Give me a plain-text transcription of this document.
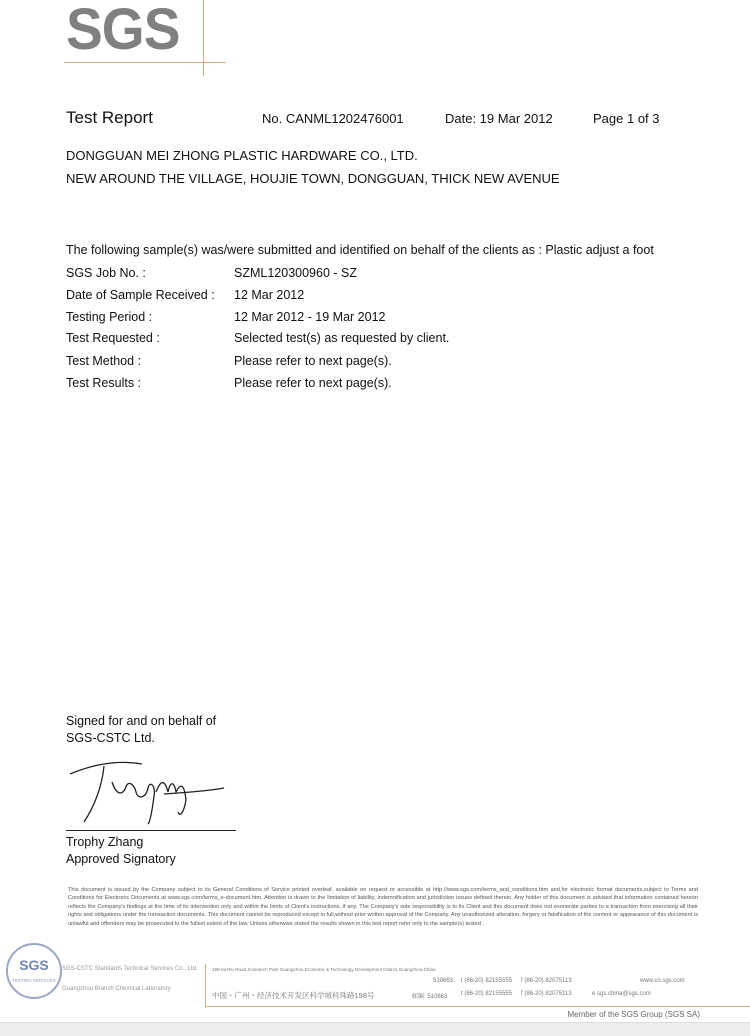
SGS
Test Report	No. CANML1202476001	Date: 19 Mar 2012	Page 1 of 3
DONGGUAN MEI ZHONG PLASTIC HARDWARE CO., LTD.
NEW AROUND THE VILLAGE, HOUJIE TOWN, DONGGUAN, THICK NEW AVENUE
The following sample(s) was/were submitted and identified on behalf of the clients as : Plastic adjust a foot
SGS Job No. :	SZML120300960 - SZ
Date of Sample Received : 12 Mar 2012
Testing Period :	12 Mar 2012 - 19 Mar 2012
Test Requested :	Selected test(s) as requested by client.
Test Method :	Please refer to next page(s).
Test Results :	Please refer to next page(s).
Signed for and on behalf of
SGS-CSTC Ltd.
Trophy Zhang
Approved Signatory
This document is issued by the Company subject to its General Conditions of Service printed overleaf, available on request or accessible at http://www.sgs.com/terms_and_conditions.htm and,for electronic format documents,subject to Terms and Conditions for Electronic Documents at www.sgs.com/terms_e-document.htm. Attention is drawn to the limitation of liability, indemnification and jurisdiction issues defined therein. Any holder of this document is advised that information contained hereon reflects the Company's findings at the time of its intervention only and within the limits of Client's instructions, if any. The Company's sole responsibility is to its Client and this document does not exonerate parties to a transaction from exercising all their rights and obligations under the transaction documents. This document cannot be reproduced except in full,without prior written approval of the Company. Any unauthorized alteration, forgery or falsification of the content or appearance of this document is unlawful and offenders may be prosecuted to the fullest extent of the law. Unless otherwise stated the results shown in this test report refer only to the sample(s) tested .
SGS
TESTING SERVICES
SGS-CSTC Standards Technical Services Co., Ltd.
Guangzhou Branch Chemical Laboratory
198 Kezhu Road,Scientech Park Guangzhou Economic & Technology Development District,Guangzhou,China
510663 t (86-20) 82155555 f (86-20) 82075113	www.cn.sgs.com
中国・广州・经济技术开发区科学城科珠路198号	邮编: 510663 t (86-20) 82155555 f (86-20) 82075113	e sgs.china@sgs.com
Member of the SGS Group (SGS SA)
